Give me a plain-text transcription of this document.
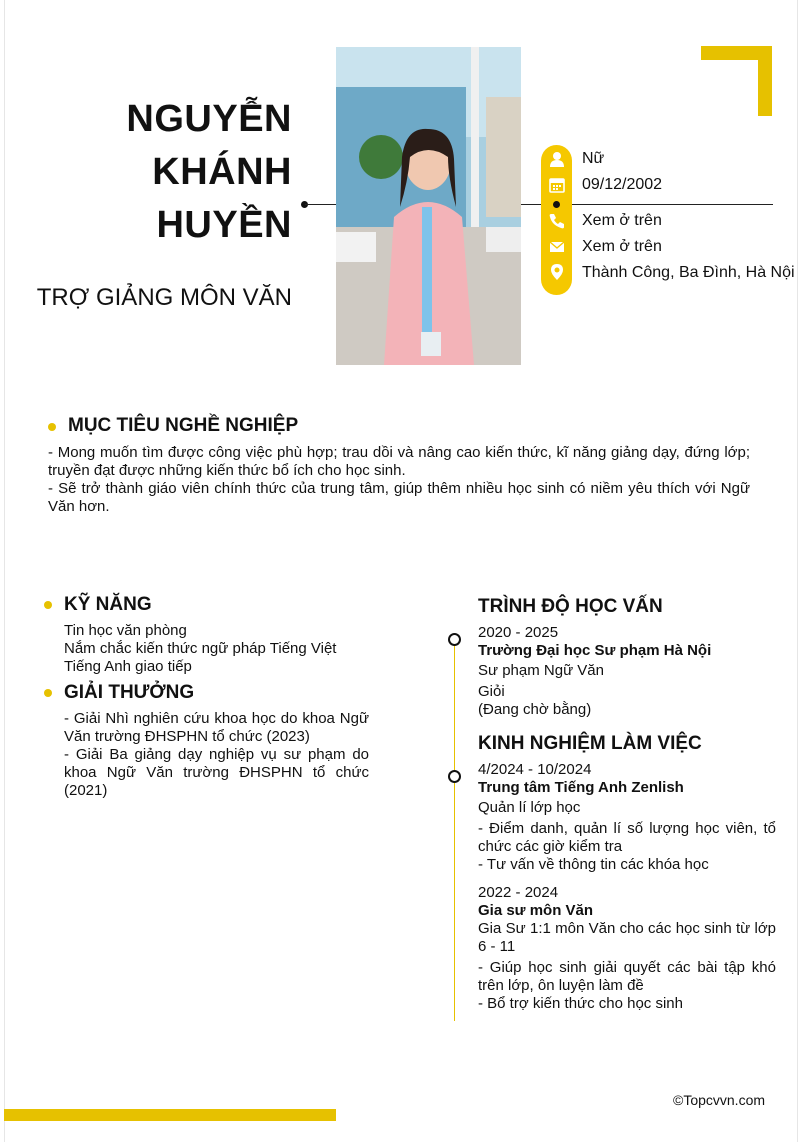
NGUYỄN
KHÁNH
HUYỀN
TRỢ GIẢNG MÔN VĂN
Nữ
09/12/2002
Xem ở trên
Xem ở trên
Thành Công, Ba Đình, Hà Nội
MỤC TIÊU NGHỀ NGHIỆP
- Mong muốn tìm được công việc phù hợp; trau dồi và nâng cao kiến thức, kĩ năng giảng dạy, đứng lớp; truyền đạt được những kiến thức bổ ích cho học sinh.
- Sẽ trở thành giáo viên chính thức của trung tâm, giúp thêm nhiều học sinh có niềm yêu thích với Ngữ Văn hơn.
KỸ NĂNG
Tin học văn phòng
Nắm chắc kiến thức ngữ pháp Tiếng Việt
Tiếng Anh giao tiếp
GIẢI THƯỞNG
- Giải Nhì nghiên cứu khoa học do khoa Ngữ Văn trường ĐHSPHN tổ chức (2023)
- Giải Ba giảng dạy nghiệp vụ sư phạm do khoa Ngữ Văn trường ĐHSPHN tổ chức (2021)
TRÌNH ĐỘ HỌC VẤN
2020 - 2025
Trường Đại học Sư phạm Hà Nội
Sư phạm Ngữ Văn
Giỏi
(Đang chờ bằng)
KINH NGHIỆM LÀM VIỆC
4/2024 - 10/2024
Trung tâm Tiếng Anh Zenlish
Quản lí lớp học
- Điểm danh, quản lí số lượng học viên, tổ chức các giờ kiểm tra
- Tư vấn về thông tin các khóa học
2022 - 2024
Gia sư môn Văn
Gia Sư 1:1 môn Văn cho các học sinh từ lớp 6 - 11
- Giúp học sinh giải quyết các bài tập khó trên lớp, ôn luyện làm đề
- Bổ trợ kiến thức cho học sinh
©Topcvvn.com
